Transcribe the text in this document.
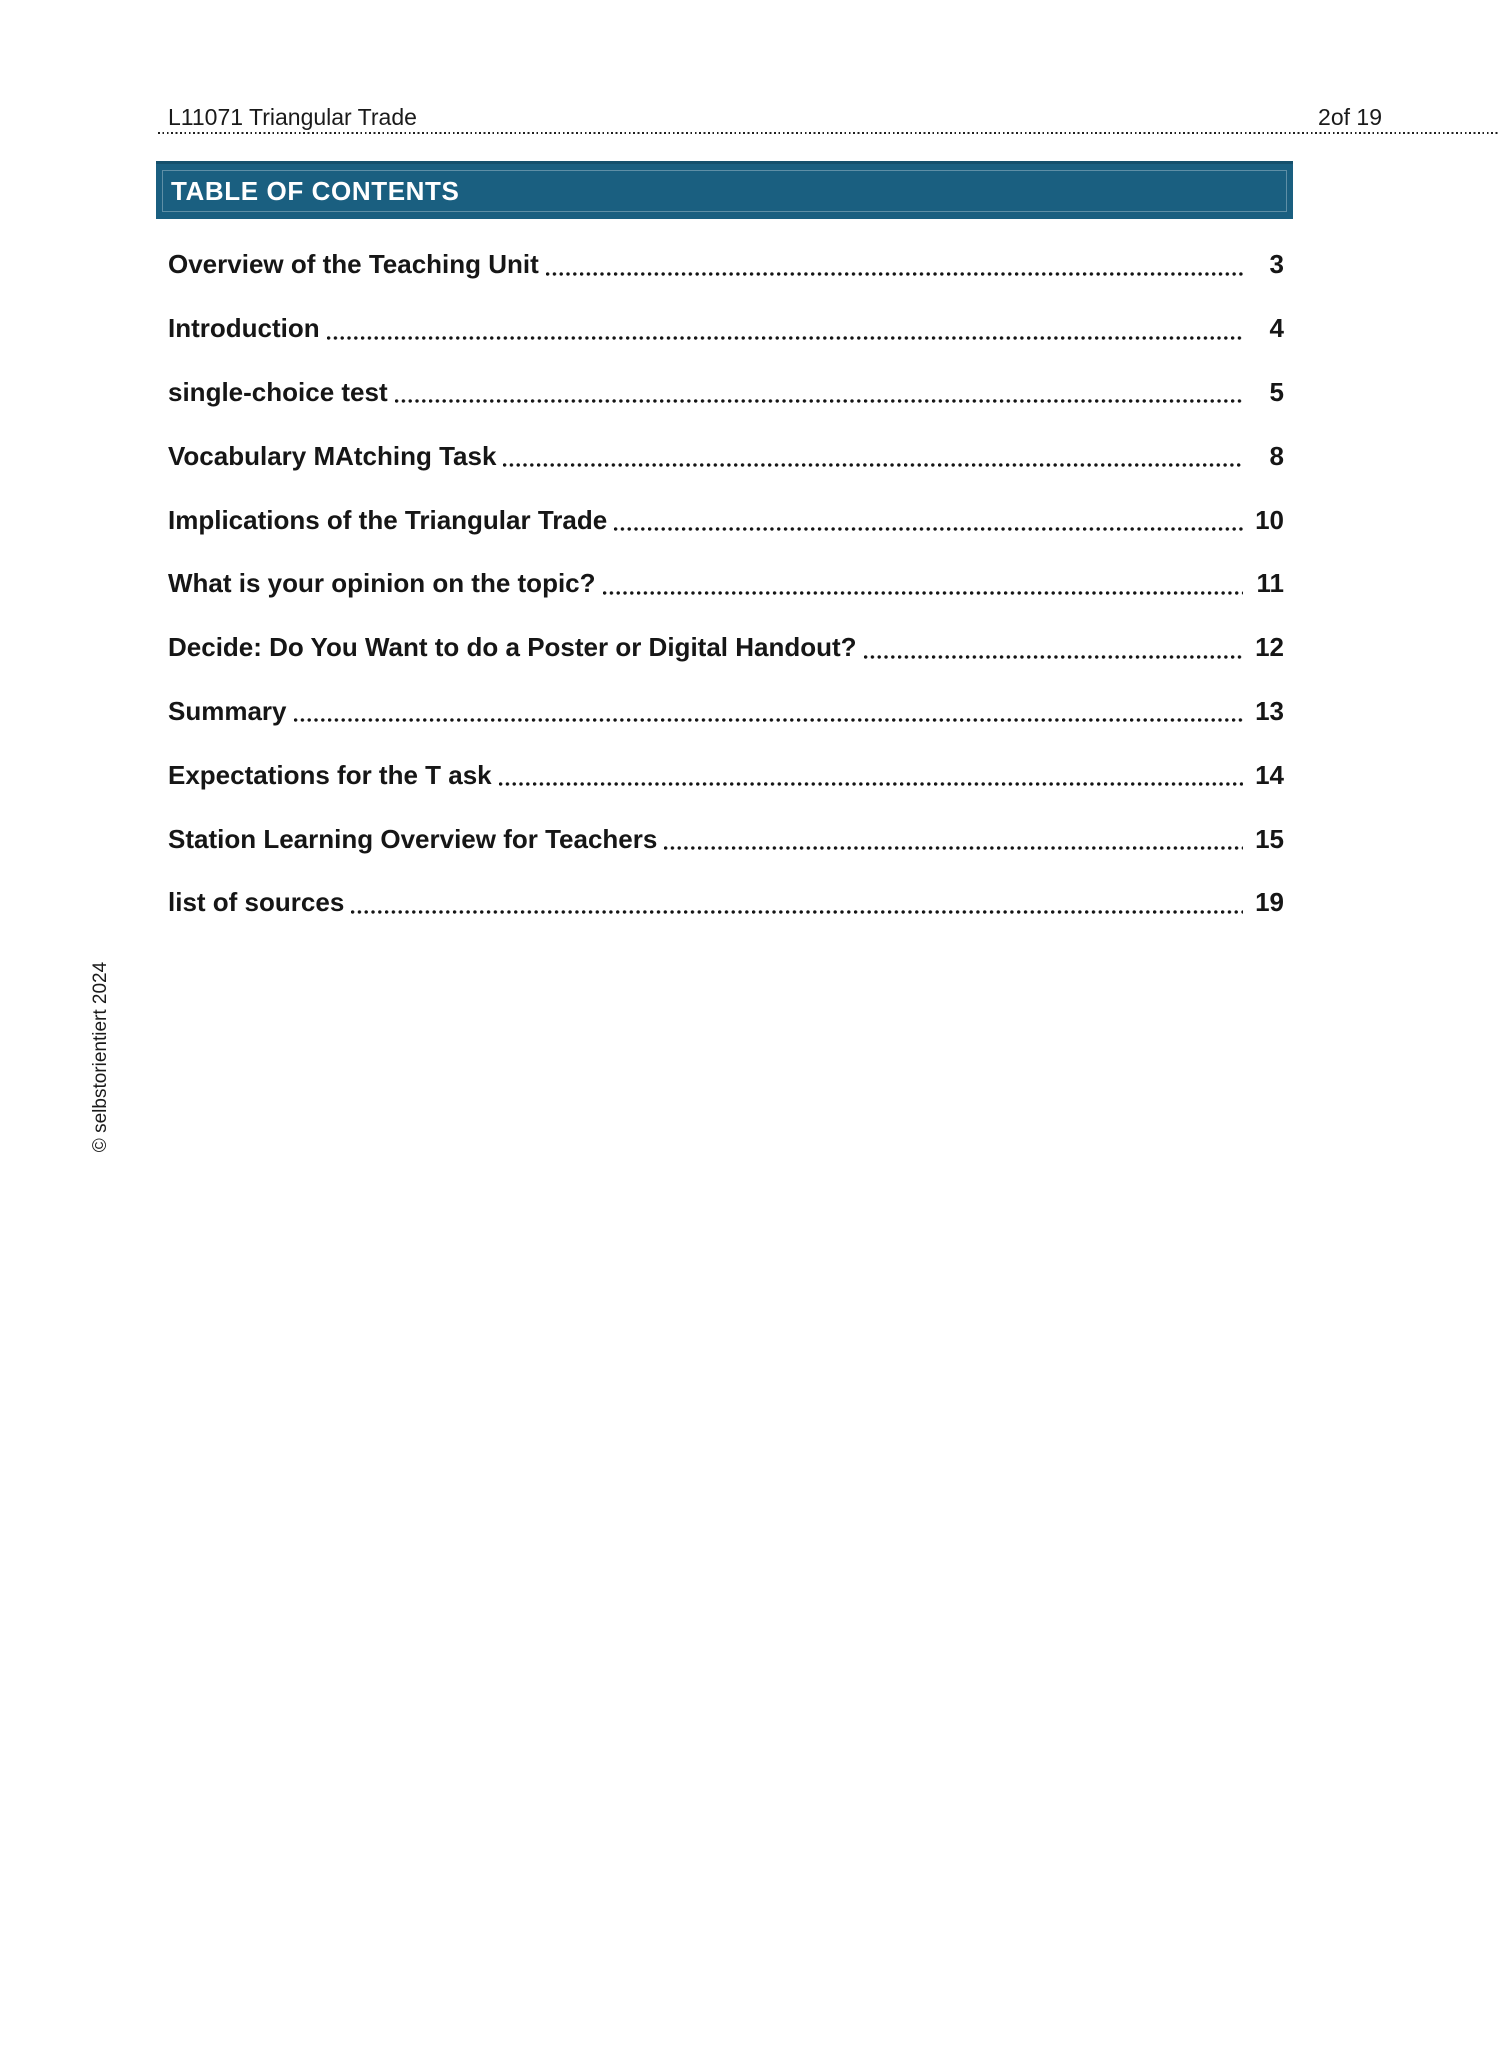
L11071 Triangular Trade	2of 19
TABLE OF CONTENTS
Overview of the Teaching Unit	3
Introduction	4
single-choice test	5
Vocabulary MAtching Task	8
Implications of the Triangular Trade	10
What is your opinion on the topic?	11
Decide: Do You Want to do a Poster or Digital Handout?	12
Summary	13
Expectations for the T ask	14
Station Learning Overview for Teachers	15
list of sources	19
© selbstorientiert 2024
